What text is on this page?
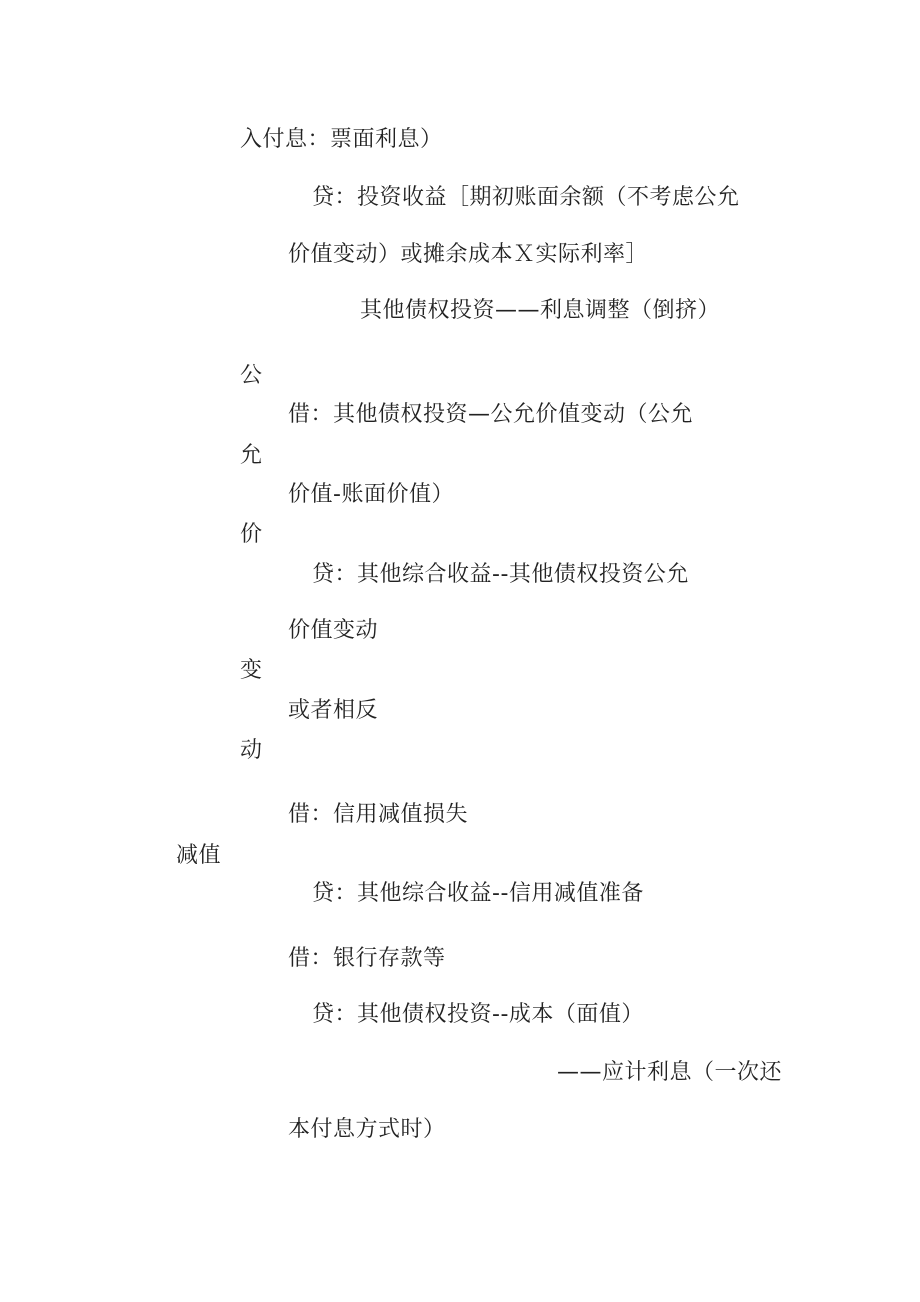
入付息：票面利息）
贷：投资收益［期初账面余额（不考虑公允
价值变动）或摊余成本Ｘ实际利率］
其他债权投资——利息调整（倒挤）
公
借：其他债权投资—公允价值变动（公允
允
价值-账面价值）
价
贷：其他综合收益--其他债权投资公允
价值变动
变
或者相反
动
借：信用减值损失
减值
贷：其他综合收益--信用减值准备
借：银行存款等
贷：其他债权投资--成本（面值）
——应计利息（一次还
本付息方式时）
